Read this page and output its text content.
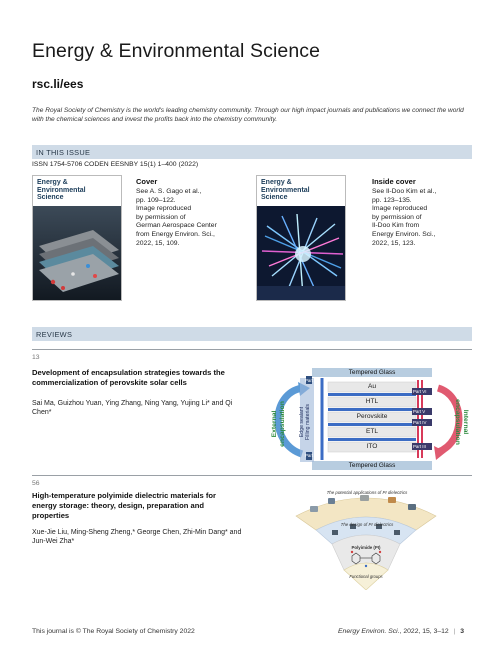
Energy & Environmental Science
rsc.li/ees
The Royal Society of Chemistry is the world's leading chemistry community. Through our high impact journals and publications we connect the world with the chemical sciences and invest the profits back into the chemistry community.
IN THIS ISSUE
ISSN 1754-5706 CODEN EESNBY 15(1) 1–400 (2022)
Energy & Environmental Science
Cover
See A. S. Gago et al.,
pp. 109–122.
Image reproduced
by permission of
German Aerospace Center
from Energy Environ. Sci.,
2022, 15, 109.
Energy & Environmental Science
Inside cover
See Il-Doo Kim et al.,
pp. 123–135.
Image reproduced
by permission of
Il-Doo Kim from
Energy Environ. Sci.,
2022, 15, 123.
REVIEWS
13
Development of encapsulation strategies towards the commercialization of perovskite solar cells
Sai Ma, Guizhou Yuan, Ying Zhang, Ning Yang, Yujing Li* and Qi Chen*
Tempered Glass
Tempered Glass
Au
HTL
Perovskite
ETL
ITO
External encapsulation	Edge sealant Filling materials	Internal
encapsulation
Part I
Part II
Part VI
Part V
Part IV
Part III
56
High-temperature polyimide dielectric materials for energy storage: theory, design, preparation and properties
Xue-Jie Liu, Ming-Sheng Zheng,* George Chen, Zhi-Min Dang* and Jun-Wei Zha*
The potential applications of PI dielectrics
The design of PI dielectrics
Polyimide (PI)
Functional groups
This journal is © The Royal Society of Chemistry 2022	Energy Environ. Sci., 2022, 15, 3–12 | 3
